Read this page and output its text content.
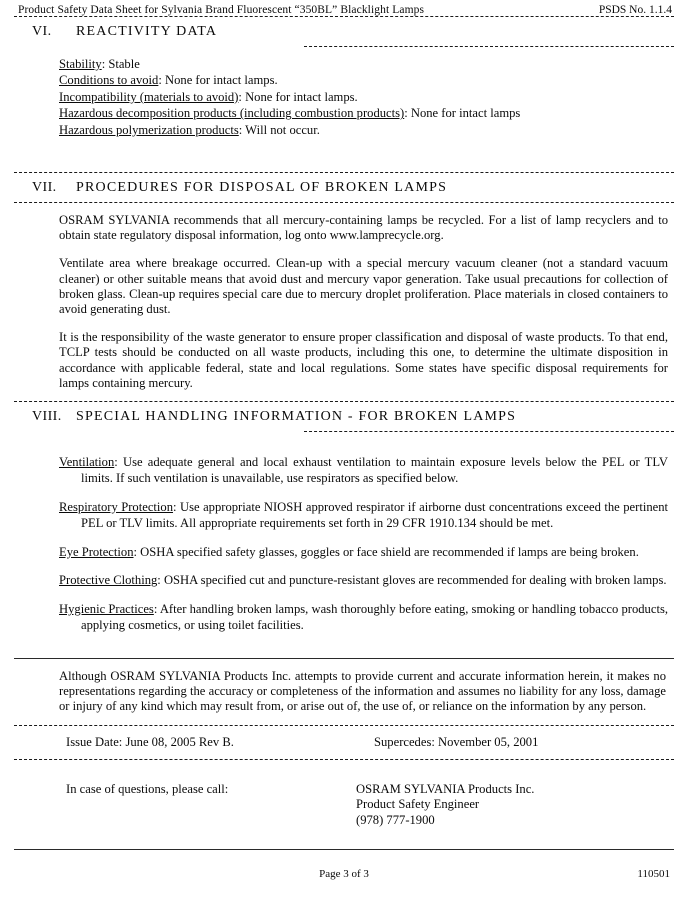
Product Safety Data Sheet for Sylvania Brand Fluorescent “350BL” Blacklight Lamps	PSDS No. 1.1.4
VI.	REACTIVITY DATA
Stability: Stable
Conditions to avoid: None for intact lamps.
Incompatibility (materials to avoid): None for intact lamps.
Hazardous decomposition products (including combustion products): None for intact lamps
Hazardous polymerization products: Will not occur.
VII.	PROCEDURES FOR DISPOSAL OF BROKEN LAMPS

OSRAM SYLVANIA recommends that all mercury-containing lamps be recycled. For a list of lamp recyclers and to obtain state regulatory disposal information, log onto www.lamprecycle.org.

Ventilate area where breakage occurred. Clean-up with a special mercury vacuum cleaner (not a standard vacuum cleaner) or other suitable means that avoid dust and mercury vapor generation. Take usual precautions for collection of broken glass. Clean-up requires special care due to mercury droplet proliferation. Place materials in closed containers to avoid generating dust.

It is the responsibility of the waste generator to ensure proper classification and disposal of waste products. To that end, TCLP tests should be conducted on all waste products, including this one, to determine the ultimate disposition in accordance with applicable federal, state and local regulations. Some states have specific disposal requirements for lamps containing mercury.

VIII.	SPECIAL HANDLING INFORMATION - FOR BROKEN LAMPS

Ventilation: Use adequate general and local exhaust ventilation to maintain exposure levels below the PEL or TLV limits. If such ventilation is unavailable, use respirators as specified below.

Respiratory Protection: Use appropriate NIOSH approved respirator if airborne dust concentrations exceed the pertinent PEL or TLV limits. All appropriate requirements set forth in 29 CFR 1910.134 should be met.

Eye Protection: OSHA specified safety glasses, goggles or face shield are recommended if lamps are being broken.

Protective Clothing: OSHA specified cut and puncture-resistant gloves are recommended for dealing with broken lamps.

Hygienic Practices: After handling broken lamps, wash thoroughly before eating, smoking or handling tobacco products, applying cosmetics, or using toilet facilities.

Although OSRAM SYLVANIA Products Inc. attempts to provide current and accurate information herein, it makes no representations regarding the accuracy or completeness of the information and assumes no liability for any loss, damage or injury of any kind which may result from, or arise out of, the use of, or reliance on the information by any person.
Issue Date: June 08, 2005 Rev B.	Supercedes: November 05, 2001
In case of questions, please call:	OSRAM SYLVANIA Products Inc.
Product Safety Engineer
(978) 777-1900
Page 3 of 3	110501
